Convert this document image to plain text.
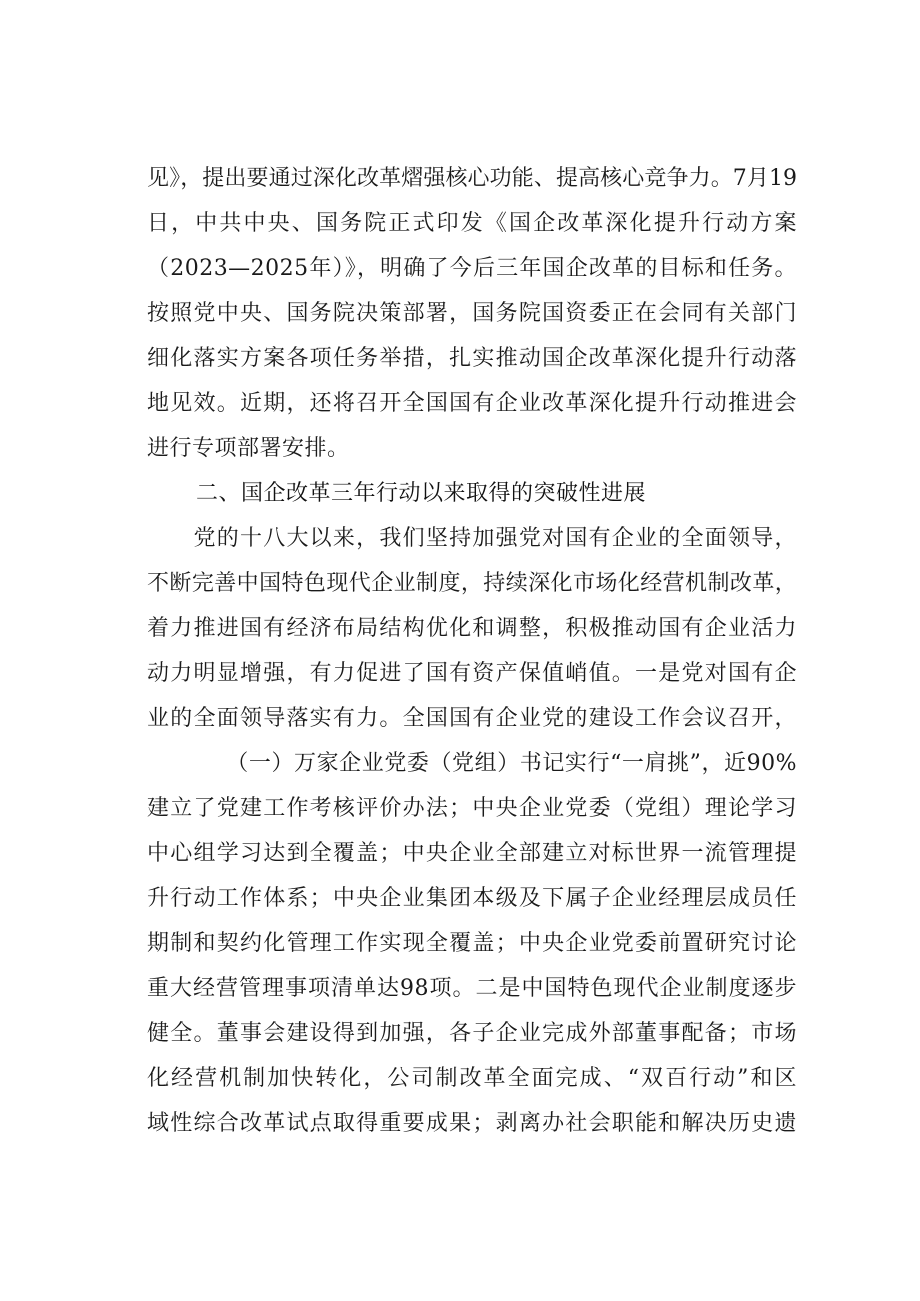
见》，提出要通过深化改革熠强核心功能、提高核心竞争力。7月19
日，中共中央、国务院正式印发《国企改革深化提升行动方案
（2023—2025年）》，明确了今后三年国企改革的目标和任务。
按照党中央、国务院决策部署，国务院国资委正在会同有关部门
细化落实方案各项任务举措，扎实推动国企改革深化提升行动落
地见效。近期，还将召开全国国有企业改革深化提升行动推进会
进行专项部署安排。
二、国企改革三年行动以来取得的突破性进展
　　党的十八大以来，我们坚持加强党对国有企业的全面领导，
不断完善中国特色现代企业制度，持续深化市场化经营机制改革，
着力推进国有经济布局结构优化和调整，积极推动国有企业活力
动力明显增强，有力促进了国有资产保值峭值。一是党对国有企
业的全面领导落实有力。全国国有企业党的建设工作会议召开，
　　　　（一）万家企业党委（党组）书记实行“一肩挑”，近90%
建立了党建工作考核评价办法；中央企业党委（党组）理论学习
中心组学习达到全覆盖；中央企业全部建立对标世界一流管理提
升行动工作体系；中央企业集团本级及下属子企业经理层成员任
期制和契约化管理工作实现全覆盖；中央企业党委前置研究讨论
重大经营管理事项清单达98项。二是中国特色现代企业制度逐步
健全。董事会建设得到加强，各子企业完成外部董事配备；市场
化经营机制加快转化，公司制改革全面完成、“双百行动”和区
域性综合改革试点取得重要成果；剥离办社会职能和解决历史遗
